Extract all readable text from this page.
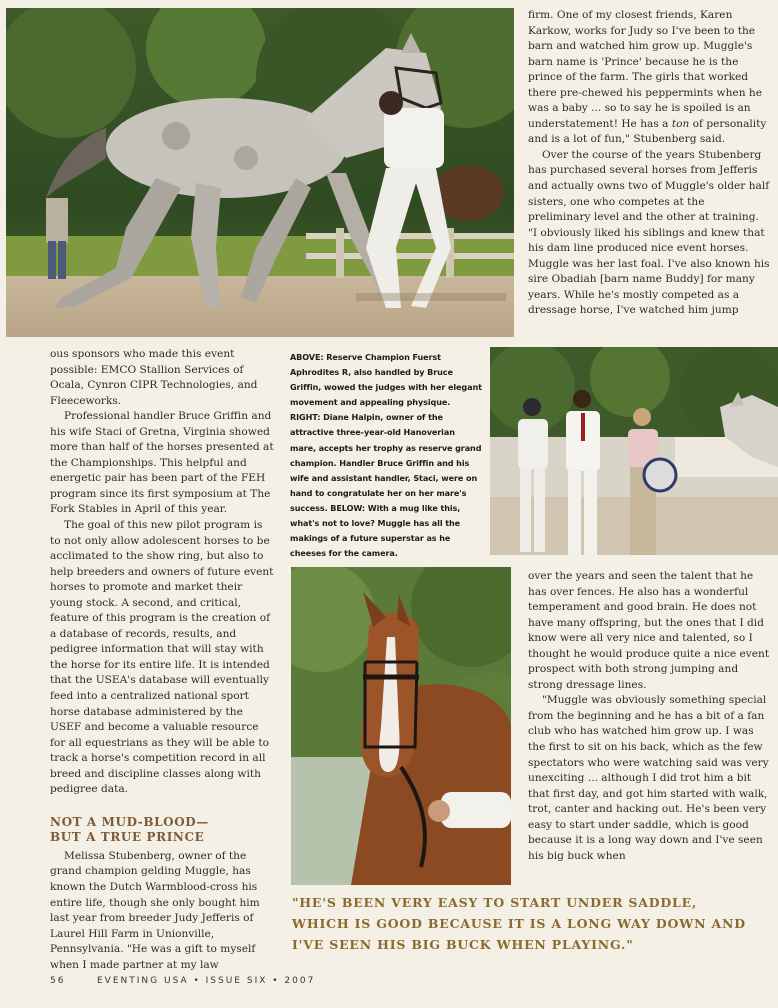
firm. One of my closest friends, Karen Karkow, works for Judy so I've been to the barn and watched him grow up. Muggle's barn name is 'Prince' because he is the prince of the farm. The girls that worked there pre-chewed his peppermints when he was a baby ... so to say he is spoiled is an understatement! He has a ton of personality and is a lot of fun," Stubenberg said.

Over the course of the years Stubenberg has purchased several horses from Jefferis and actually owns two of Muggle's older half sisters, one who competes at the preliminary level and the other at training. "I obviously liked his siblings and knew that his dam line produced nice event horses. Muggle was her last foal. I've also known his sire Obadiah [barn name Buddy] for many years. While he's mostly competed as a dressage horse, I've watched him jump

ous sponsors who made this event possible: EMCO Stallion Services of Ocala, Cynron CIPR Technologies, and Fleeceworks.

Professional handler Bruce Griffin and his wife Staci of Gretna, Virginia showed more than half of the horses presented at the Championships. This helpful and energetic pair has been part of the FEH program since its first symposium at The Fork Stables in April of this year.

The goal of this new pilot program is to not only allow adolescent horses to be acclimated to the show ring, but also to help breeders and owners of future event horses to promote and market their young stock. A second, and critical, feature of this program is the creation of a database of records, results, and pedigree information that will stay with the horse for its entire life. It is intended that the USEA's database will eventually feed into a centralized national sport horse database administered by the USEF and become a valuable resource for all equestrians as they will be able to track a horse's competition record in all breed and discipline classes along with pedigree data.

NOT A MUD-BLOOD—
BUT A TRUE PRINCE

Melissa Stubenberg, owner of the grand champion gelding Muggle, has known the Dutch Warmblood-cross his entire life, though she only bought him last year from breeder Judy Jefferis of Laurel Hill Farm in Unionville, Pennsylvania. "He was a gift to myself when I made partner at my law

ABOVE: Reserve Champion Fuerst Aphrodites R, also handled by Bruce Griffin, wowed the judges with her elegant movement and appealing physique. RIGHT: Diane Halpin, owner of the attractive three-year-old Hanoverian mare, accepts her trophy as reserve grand champion. Handler Bruce Griffin and his wife and assistant handler, Staci, were on hand to congratulate her on her mare's success. BELOW: With a mug like this, what's not to love? Muggle has all the makings of a future superstar as he cheeses for the camera.

over the years and seen the talent that he has over fences. He also has a wonderful temperament and good brain. He does not have many offspring, but the ones that I did know were all very nice and talented, so I thought he would produce quite a nice event prospect with both strong jumping and strong dressage lines.

"Muggle was obviously something special from the beginning and he has a bit of a fan club who has watched him grow up. I was the first to sit on his back, which as the few spectators who were watching said was very unexciting ... although I did trot him a bit that first day, and got him started with walk, trot, canter and hacking out. He's been very easy to start under saddle, which is good because it is a long way down and I've seen his big buck when

"HE'S BEEN VERY EASY TO START UNDER SADDLE, WHICH IS GOOD BECAUSE IT IS A LONG WAY DOWN AND I'VE SEEN HIS BIG BUCK WHEN PLAYING."
56	EVENTING USA • ISSUE SIX • 2007
